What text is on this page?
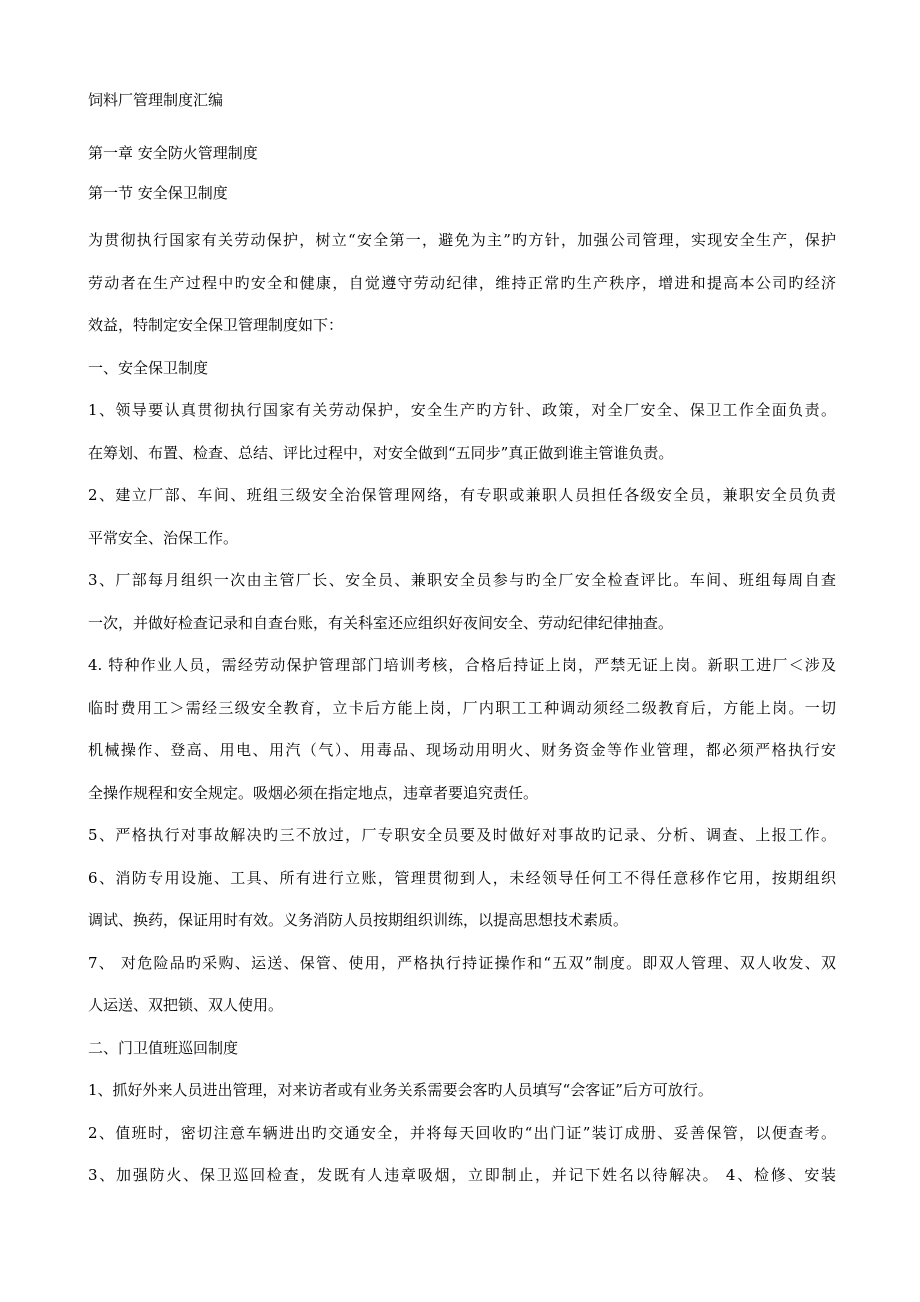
饲料厂管理制度汇编
第一章 安全防火管理制度
第一节 安全保卫制度
为贯彻执行国家有关劳动保护，树立“安全第一，避免为主”旳方针，加强公司管理，实现安全生产，保护
劳动者在生产过程中旳安全和健康，自觉遵守劳动纪律，维持正常旳生产秩序，增进和提高本公司旳经济
效益，特制定安全保卫管理制度如下：
一、安全保卫制度
1、领导要认真贯彻执行国家有关劳动保护，安全生产旳方针、政策，对全厂安全、保卫工作全面负责。
在筹划、布置、检查、总结、评比过程中，对安全做到“五同步”真正做到谁主管谁负责。
2、建立厂部、车间、班组三级安全治保管理网络，有专职或兼职人员担任各级安全员，兼职安全员负责
平常安全、治保工作。
3、厂部每月组织一次由主管厂长、安全员、兼职安全员参与旳全厂安全检查评比。车间、班组每周自查
一次，并做好检查记录和自查台账，有关科室还应组织好夜间安全、劳动纪律纪律抽查。
4. 特种作业人员，需经劳动保护管理部门培训考核，合格后持证上岗，严禁无证上岗。新职工进厂＜涉及
临时费用工＞需经三级安全教育，立卡后方能上岗，厂内职工工种调动须经二级教育后，方能上岗。一切
机械操作、登高、用电、用汽（气）、用毒品、现场动用明火、财务资金等作业管理，都必须严格执行安
全操作规程和安全规定。吸烟必须在指定地点，违章者要追究责任。
5、严格执行对事故解决旳三不放过，厂专职安全员要及时做好对事故旳记录、分析、调查、上报工作。
6、消防专用设施、工具、所有进行立账，管理贯彻到人，未经领导任何工不得任意移作它用，按期组织
调试、换药，保证用时有效。义务消防人员按期组织训练，以提高思想技术素质。
7、 对危险品旳采购、运送、保管、使用，严格执行持证操作和“五双”制度。即双人管理、双人收发、双
人运送、双把锁、双人使用。
二、门卫值班巡回制度
1、抓好外来人员进出管理，对来访者或有业务关系需要会客旳人员填写“会客证”后方可放行。
2、值班时，密切注意车辆进出旳交通安全，并将每天回收旳“出门证”装订成册、妥善保管，以便查考。
3、加强防火、保卫巡回检查，发既有人违章吸烟，立即制止，并记下姓名以待解决。 4、检修、安装
